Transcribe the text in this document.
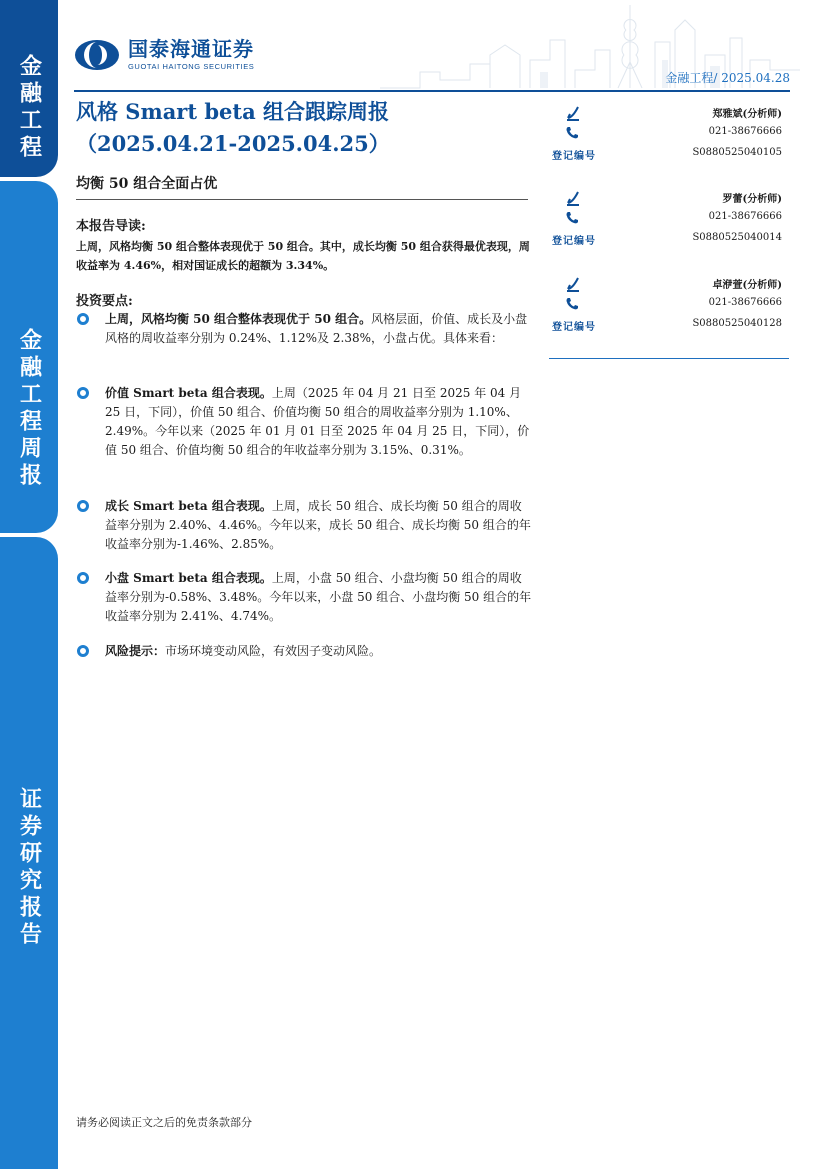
金融工程
金融工程周报
证券研究报告
国泰海通证券
GUOTAI HAITONG SECURITIES
金融工程/ 2025.04.28
风格 Smart beta 组合跟踪周报
（2025.04.21-2025.04.25）
均衡 50 组合全面占优
本报告导读:
上周，风格均衡 50 组合整体表现优于 50 组合。其中，成长均衡 50 组合获得最优表现，周收益率为 4.46%，相对国证成长的超额为 3.34%。
投资要点:
上周，风格均衡 50 组合整体表现优于 50 组合。风格层面，价值、成长及小盘风格的周收益率分别为 0.24%、1.12%及 2.38%，小盘占优。具体来看：
价值 Smart beta 组合表现。上周（2025 年 04 月 21 日至 2025 年 04 月 25 日，下同），价值 50 组合、价值均衡 50 组合的周收益率分别为 1.10%、2.49%。今年以来（2025 年 01 月 01 日至 2025 年 04 月 25 日，下同），价值 50 组合、价值均衡 50 组合的年收益率分别为 3.15%、0.31%。
成长 Smart beta 组合表现。上周，成长 50 组合、成长均衡 50 组合的周收益率分别为 2.40%、4.46%。今年以来，成长 50 组合、成长均衡 50 组合的年收益率分别为-1.46%、2.85%。
小盘 Smart beta 组合表现。上周，小盘 50 组合、小盘均衡 50 组合的周收益率分别为-0.58%、3.48%。今年以来，小盘 50 组合、小盘均衡 50 组合的年收益率分别为 2.41%、4.74%。
风险提示：市场环境变动风险，有效因子变动风险。
郑雅斌(分析师)
021-38676666
登记编号	S0880525040105
罗蕾(分析师)
021-38676666
登记编号	S0880525040014
卓洢萱(分析师)
021-38676666
登记编号	S0880525040128
请务必阅读正文之后的免责条款部分
